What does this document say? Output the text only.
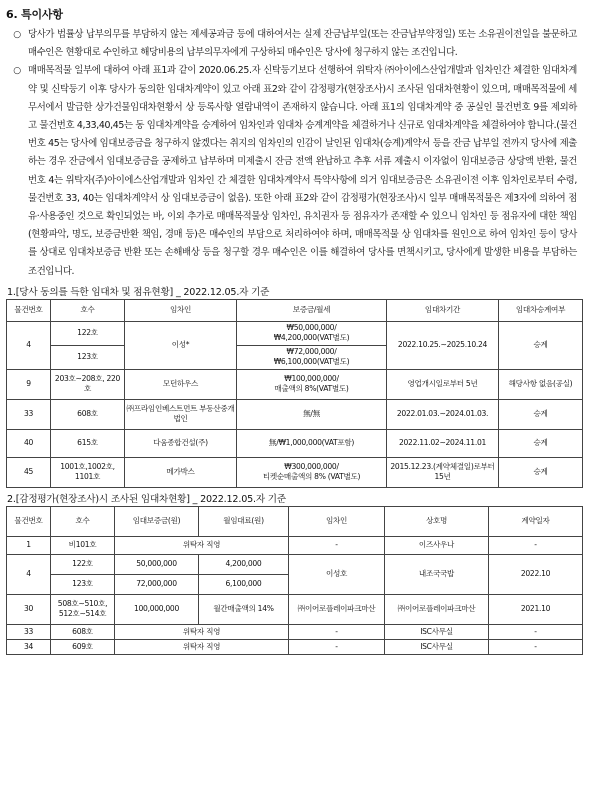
6. 특이사항
○ 당사가 법률상 납부의무를 부담하지 않는 제세공과금 등에 대하여서는 실제 잔금납부일(또는 잔금납부약정일) 또는 소유권이전일을 불문하고 매수인은 현황대로 수인하고 해당비용의 납부의무자에게 구상하되 매수인은 당사에 청구하지 않는 조건입니다.
○ 매매목적물 일부에 대하여 아래 표1과 같이 2020.06.25.자 신탁등기보다 선행하여 위탁자 ㈜아이에스산업개발과 임차인간 체결한 임대차계약 및 신탁등기 이후 당사가 동의한 임대차계약이 있고 아래 표2와 같이 감정평가(현장조사)시 조사된 임대차현황이 있으며, 매매목적물에 세무서에서 발급한 상가건물임대차현황서 상 등록사항 열람내역이 존재하지 않습니다. 아래 표1의 임대차계약 중 공실인 물건번호 9를 제외하고 물건번호 4,33,40,45는 동 임대차계약을 승계하여 임차인과 임대차 승계계약을 체결하거나 신규로 임대차계약을 체결하여야 합니다.(물건번호 45는 당사에 임대보증금을 청구하지 않겠다는 취지의 임차인의 인감이 날인된 임대차(승계)계약서 등을 잔금 납부일 전까지 당사에 제출하는 경우 잔금에서 임대보증금을 공제하고 납부하며 미제출시 잔금 전액 완납하고 추후 서류 제출시 이자없이 임대보증금 상당액 반환, 물건번호 4는 위탁자(주)아이에스산업개발과 임차인 간 체결한 임대차계약서 특약사항에 의거 임대보증금은 소유권이전 이후 임차인로부터 수령, 물건번호 33, 40는 임대차계약서 상 임대보증금이 없음). 또한 아래 표2와 같이 감정평가(현장조사)시 일부 매매목적물은 제3자에 의하여 점유·사용중인 것으로 확인되었는 바, 이외 추가로 매매목적물상 임차인, 유치권자 등 점유자가 존재할 수 있으니 임차인 등 점유자에 대한 책임(현황파악, 명도, 보증금반환 책임, 경매 등)은 매수인의 부담으로 처리하여야 하며, 매매목적물 상 임대차를 원인으로 하여 임차인 등이 당사를 상대로 임대차보증금 반환 또는 손해배상 등을 청구할 경우 매수인은 이를 해결하여 당사를 면책시키고, 당사에게 발생한 비용을 부담하는 조건입니다.
1.[당사 동의를 득한 임대차 및 점유현황] _ 2022.12.05.자 기준
물건번호	호수	임차인	보증금/월세	임대차기간	임대차승계여부
4	122호	이성*	₩50,000,000/
₩4,200,000(VAT별도)	2022.10.25.~2025.10.24	승계
	123호		₩72,000,000/
₩6,100,000(VAT별도)		

9	203호~208호, 220호	모던하우스	₩100,000,000/
매출액의 8%(VAT별도)	영업개시일로부터 5년	해당사항 없음(공실)
33	608호	㈜프라임인베스트먼트 부동산중개법인	無/無	2022.01.03.~2024.01.03.	승계
40	615호	다움종합건설(주)	無/₩1,000,000(VAT포함)	2022.11.02~2024.11.01	승계
45	1001호,1002호, 1101호	메가박스	₩300,000,000/
티켓순매출액의 8% (VAT별도)	2015.12.23.(계약체결일)로부터 15년	승계
2.[감정평가(현장조사)시 조사된 임대차현황] _ 2022.12.05.자 기준
물건번호	호수	임대보증금(원)	월임대료(원)	임차인	상호명	계약일자
1	비101호	위탁자 직영		-	이즈사우나	-
4	122호	50,000,000	4,200,000	이성호	내조국국밥	2022.10
	123호	72,000,000	6,100,000			
30	508호~510호, 512호~514호	100,000,000	월간매출액의 14%	㈜이어로플레이파크마산	㈜이어로플레이파크마산	2021.10
33	608호	위탁자 직영		-	ISC사무실	-
34	609호	위탁자 직영		-	ISC사무실	-
